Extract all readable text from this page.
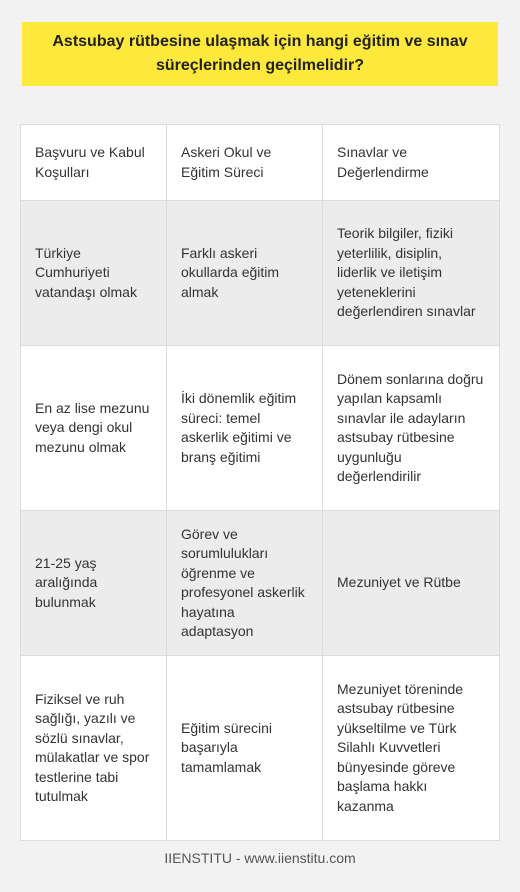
Astsubay rütbesine ulaşmak için hangi eğitim ve sınav süreçlerinden geçilmelidir?
Başvuru ve Kabul Koşulları
Askeri Okul ve Eğitim Süreci
Sınavlar ve Değerlendirme
Türkiye Cumhuriyeti vatandaşı olmak
Farklı askeri okullarda eğitim almak
Teorik bilgiler, fiziki yeterlilik, disiplin, liderlik ve iletişim yeteneklerini değerlendiren sınavlar
En az lise mezunu veya dengi okul mezunu olmak
İki dönemlik eğitim süreci: temel askerlik eğitimi ve branş eğitimi
Dönem sonlarına doğru yapılan kapsamlı sınavlar ile adayların astsubay rütbesine uygunluğu değerlendirilir
21-25 yaş aralığında bulunmak
Görev ve sorumlulukları öğrenme ve profesyonel askerlik hayatına adaptasyon
Mezuniyet ve Rütbe
Fiziksel ve ruh sağlığı, yazılı ve sözlü sınavlar, mülakatlar ve spor testlerine tabi tutulmak
Eğitim sürecini başarıyla tamamlamak
Mezuniyet töreninde astsubay rütbesine yükseltilme ve Türk Silahlı Kuvvetleri bünyesinde göreve başlama hakkı kazanma
IIENSTITU - www.iienstitu.com
